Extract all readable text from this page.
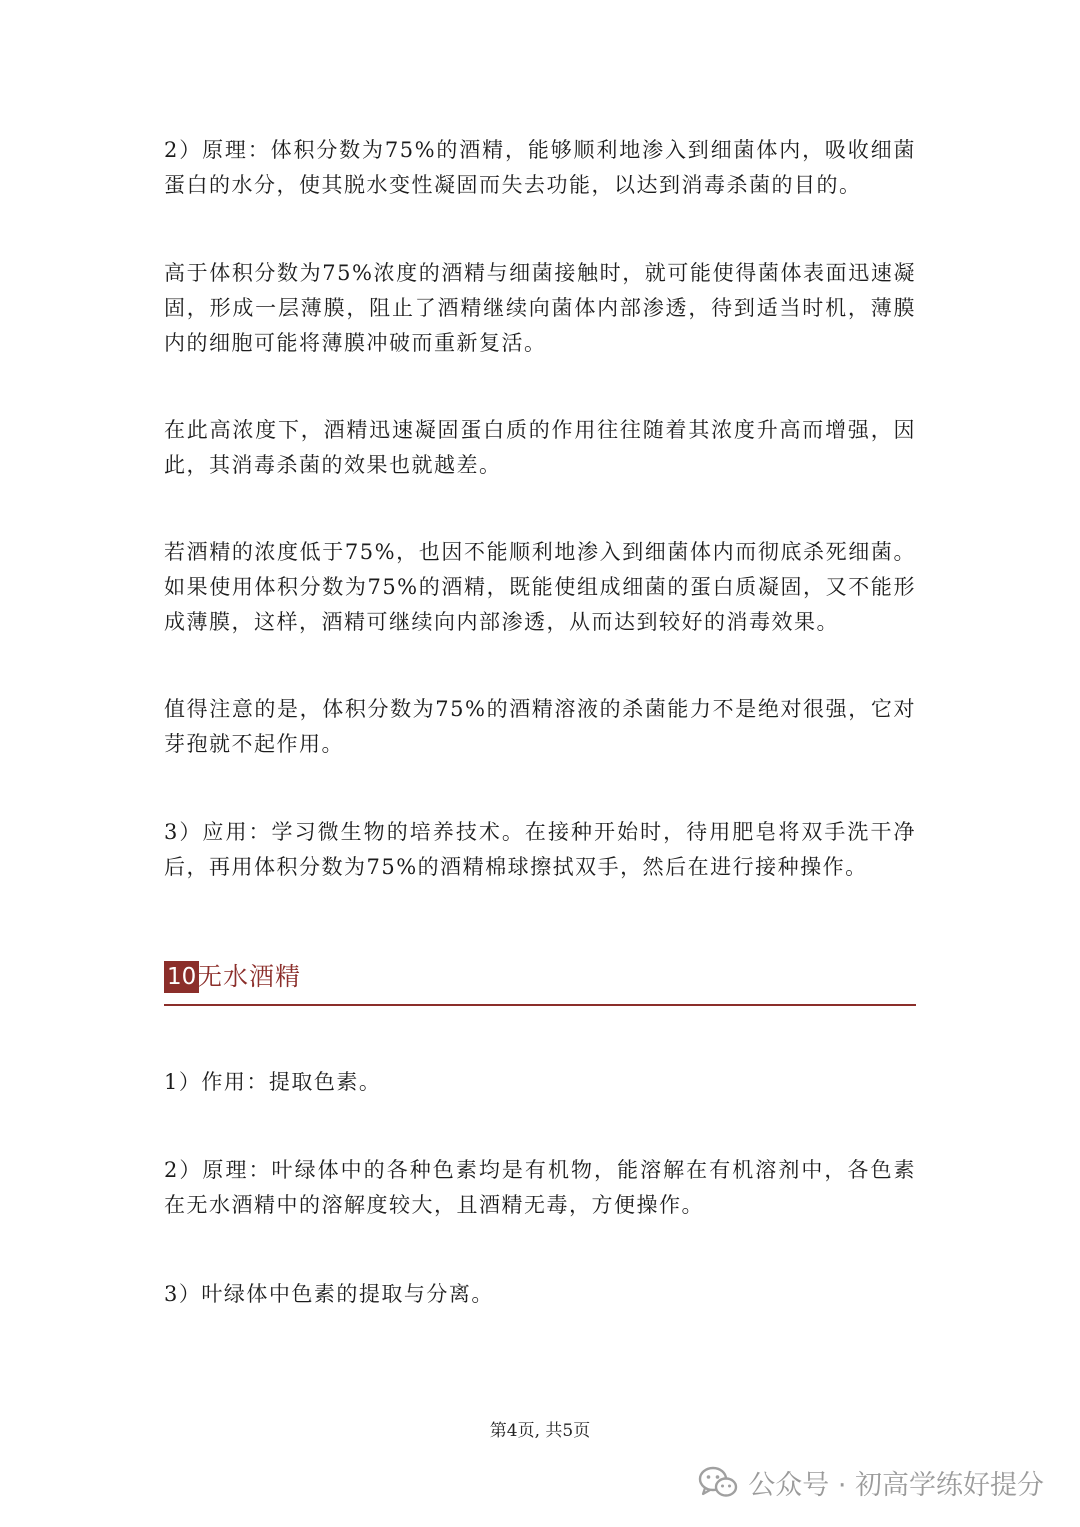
2）原理：体积分数为75%的酒精，能够顺利地渗入到细菌体内，吸收细菌蛋白的水分，使其脱水变性凝固而失去功能，以达到消毒杀菌的目的。

高于体积分数为75%浓度的酒精与细菌接触时，就可能使得菌体表面迅速凝固，形成一层薄膜，阻止了酒精继续向菌体内部渗透，待到适当时机，薄膜内的细胞可能将薄膜冲破而重新复活。

在此高浓度下，酒精迅速凝固蛋白质的作用往往随着其浓度升高而增强，因此，其消毒杀菌的效果也就越差。

若酒精的浓度低于75%，也因不能顺利地渗入到细菌体内而彻底杀死细菌。如果使用体积分数为75%的酒精，既能使组成细菌的蛋白质凝固，又不能形成薄膜，这样，酒精可继续向内部渗透，从而达到较好的消毒效果。

值得注意的是，体积分数为75%的酒精溶液的杀菌能力不是绝对很强，它对芽孢就不起作用。

3）应用：学习微生物的培养技术。在接种开始时，待用肥皂将双手洗干净后，再用体积分数为75%的酒精棉球擦拭双手，然后在进行接种操作。

10 无水酒精

1）作用：提取色素。

2）原理：叶绿体中的各种色素均是有机物，能溶解在有机溶剂中，各色素在无水酒精中的溶解度较大，且酒精无毒，方便操作。

3）叶绿体中色素的提取与分离。

第4页, 共5页
公众号 · 初高学练好提分
